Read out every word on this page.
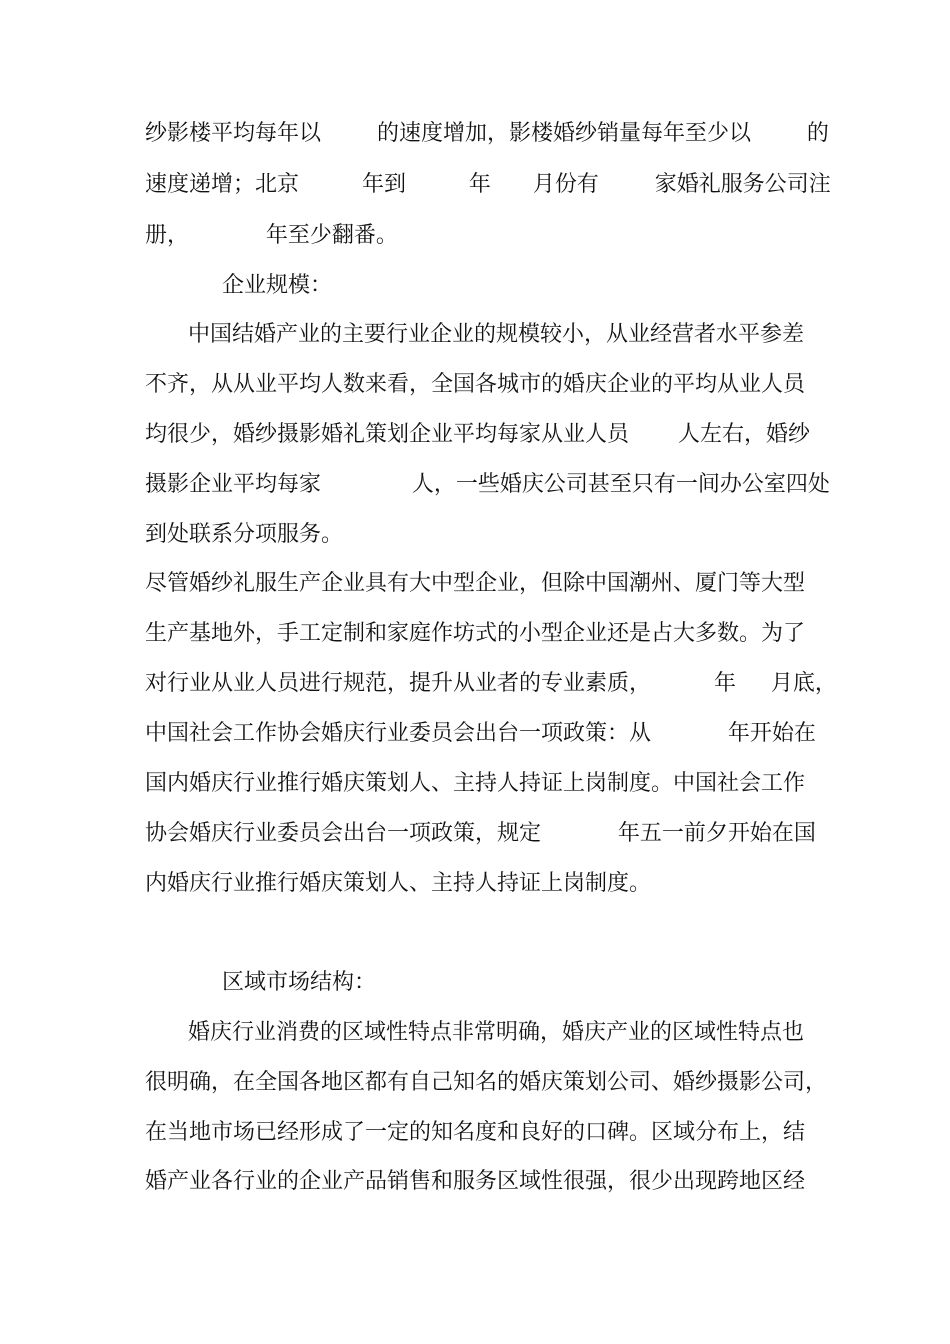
纱影楼平均每年以        的速度增加，影楼婚纱销量每年至少以        的
速度递增；北京         年到         年      月份有        家婚礼服务公司注
册，           年至少翻番。
企业规模：
中国结婚产业的主要行业企业的规模较小，从业经营者水平参差
不齐，从从业平均人数来看，全国各城市的婚庆企业的平均从业人员
均很少，婚纱摄影婚礼策划企业平均每家从业人员       人左右，婚纱
摄影企业平均每家             人，一些婚庆公司甚至只有一间办公室四处
到处联系分项服务。
尽管婚纱礼服生产企业具有大中型企业，但除中国潮州、厦门等大型
生产基地外，手工定制和家庭作坊式的小型企业还是占大多数。为了
对行业从业人员进行规范，提升从业者的专业素质，         年     月底，
中国社会工作协会婚庆行业委员会出台一项政策：从           年开始在
国内婚庆行业推行婚庆策划人、主持人持证上岗制度。中国社会工作
协会婚庆行业委员会出台一项政策，规定           年五一前夕开始在国
内婚庆行业推行婚庆策划人、主持人持证上岗制度。
区域市场结构：
婚庆行业消费的区域性特点非常明确，婚庆产业的区域性特点也
很明确，在全国各地区都有自己知名的婚庆策划公司、婚纱摄影公司，
在当地市场已经形成了一定的知名度和良好的口碑。区域分布上，结
婚产业各行业的企业产品销售和服务区域性很强，很少出现跨地区经
